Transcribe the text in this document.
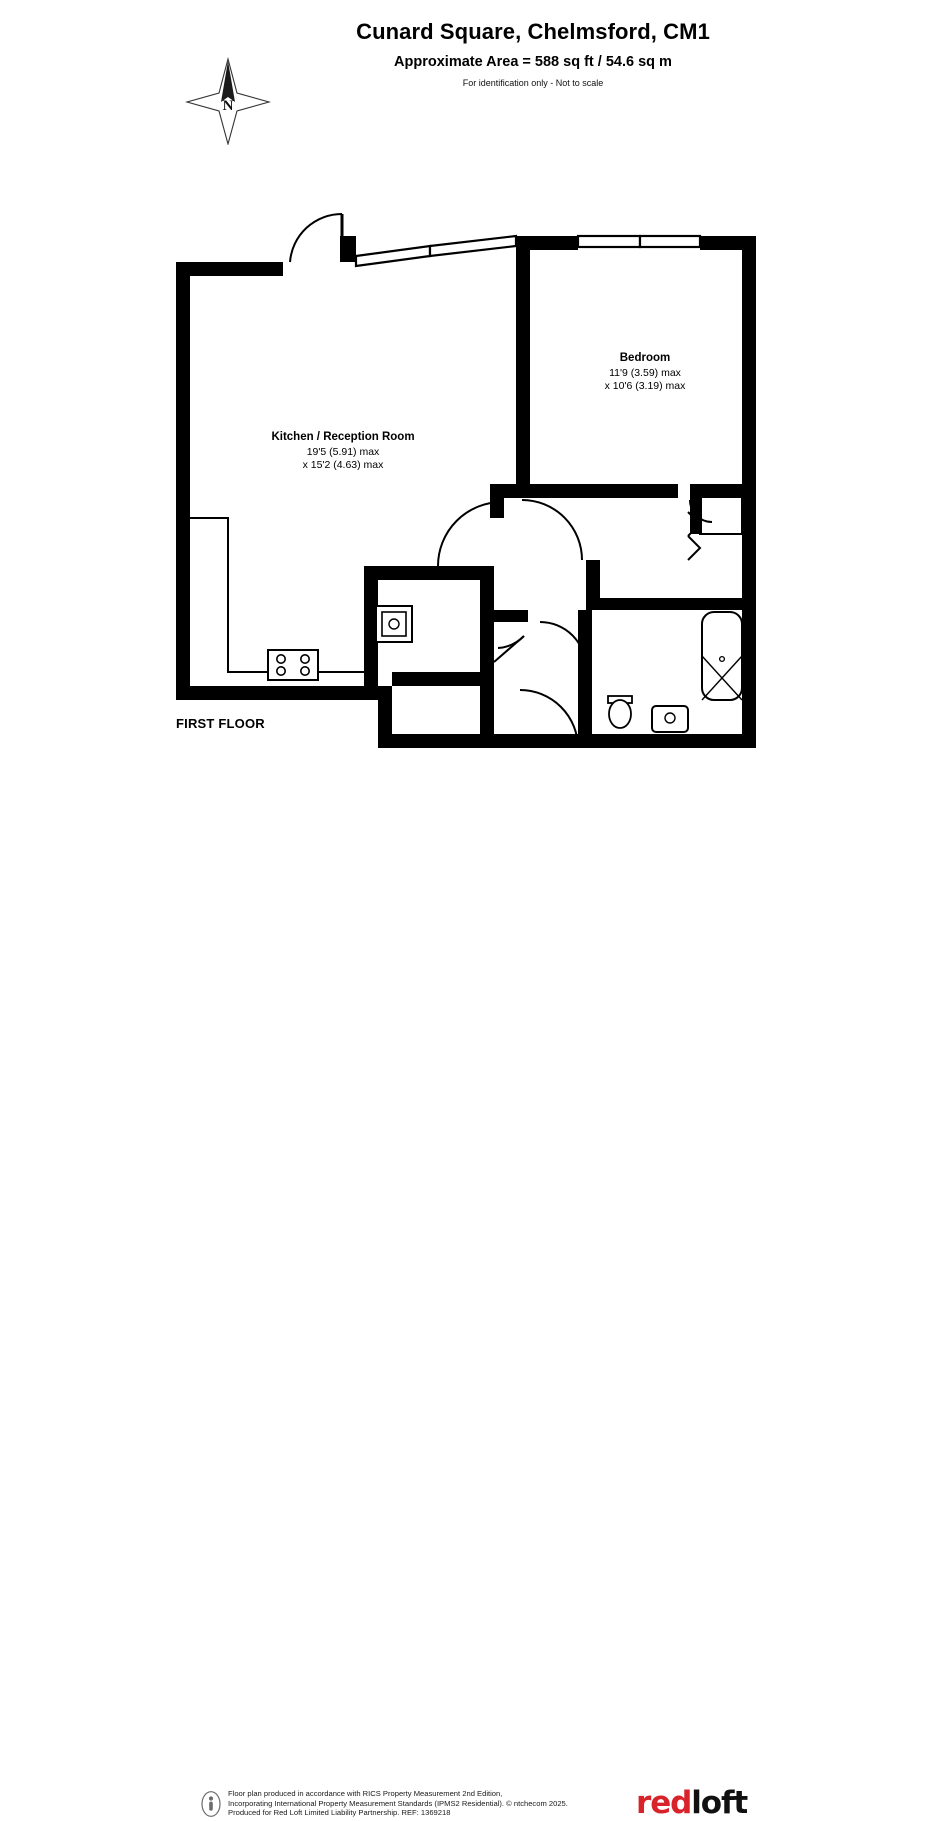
Cunard Square, Chelmsford, CM1
Approximate Area = 588 sq ft / 54.6 sq m
For identification only - Not to scale
N
Kitchen / Reception Room
19'5 (5.91) max
x 15'2 (4.63) max
Bedroom
11'9 (3.59) max
x 10'6 (3.19) max
FIRST FLOOR
Floor plan produced in accordance with RICS Property Measurement 2nd Edition,
Incorporating International Property Measurement Standards (IPMS2 Residential). © ntchecom 2025.
Produced for Red Loft Limited Liability Partnership. REF: 1369218	redloft
